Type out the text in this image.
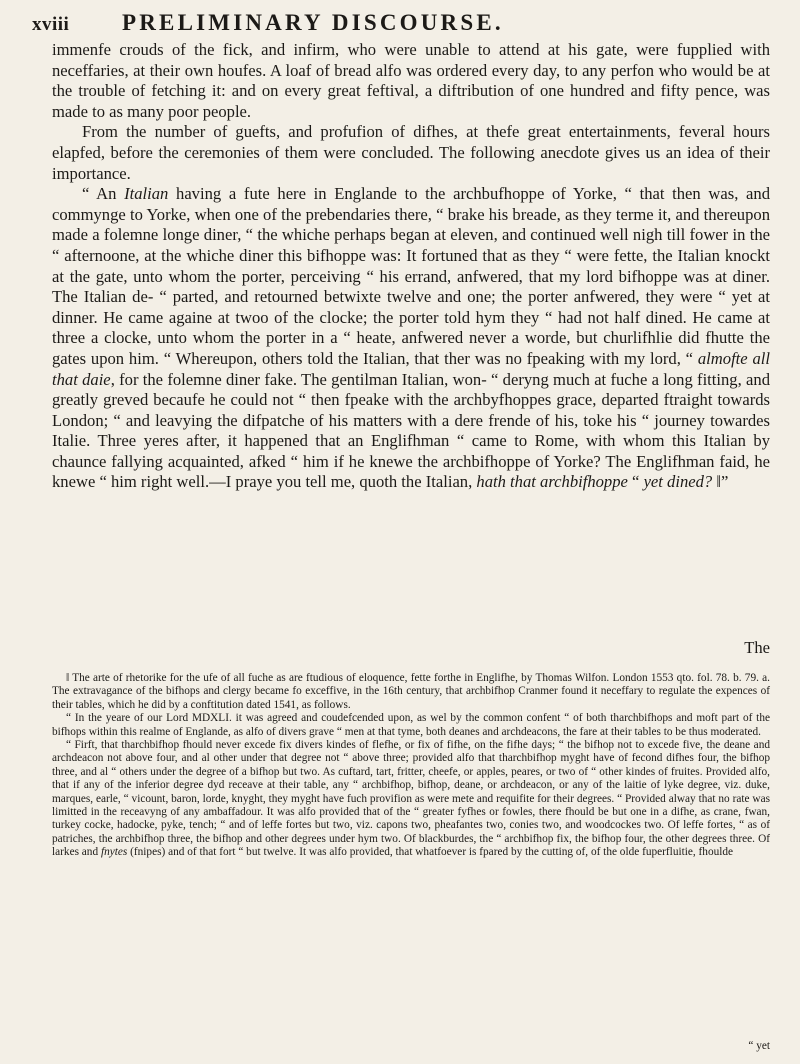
xviii PRELIMINARY DISCOURSE.

immenfe crouds of the fick, and infirm, who were unable to attend at his gate, were fupplied with neceffaries, at their own houfes. A loaf of bread alfo was ordered every day, to any perfon who would be at the trouble of fetching it: and on every great feftival, a diftribution of one hundred and fifty pence, was made to as many poor people.

From the number of guefts, and profufion of difhes, at thefe great entertainments, feveral hours elapfed, before the ceremonies of them were concluded. The following anecdote gives us an idea of their importance.

“ An Italian having a fute here in Englande to the archbufhoppe of Yorke, “ that then was, and commynge to Yorke, when one of the prebendaries there, “ brake his breade, as they terme it, and thereupon made a folemne longe diner, “ the whiche perhaps began at eleven, and continued well nigh till fower in the “ afternoone, at the whiche diner this bifhoppe was: It fortuned that as they “ were fette, the Italian knockt at the gate, unto whom the porter, perceiving “ his errand, anfwered, that my lord bifhoppe was at diner. The Italian de- “ parted, and retourned betwixte twelve and one; the porter anfwered, they were “ yet at dinner. He came againe at twoo of the clocke; the porter told hym they “ had not half dined. He came at three a clocke, unto whom the porter in a “ heate, anfwered never a worde, but churlifhlie did fhutte the gates upon him. “ Whereupon, others told the Italian, that ther was no fpeaking with my lord, “ almofte all that daie, for the folemne diner fake. The gentilman Italian, won- “ deryng much at fuche a long fitting, and greatly greved becaufe he could not “ then fpeake with the archbyfhoppes grace, departed ftraight towards London; “ and leavying the difpatche of his matters with a dere frende of his, toke his “ journey towardes Italie. Three yeres after, it happened that an Englifhman “ came to Rome, with whom this Italian by chaunce fallying acquainted, afked “ him if he knewe the archbifhoppe of Yorke? The Englifhman faid, he knewe “ him right well.—I praye you tell me, quoth the Italian, hath that archbifhoppe “ yet dined? ‖”

The

‖ The arte of rhetorike for the ufe of all fuche as are ftudious of eloquence, fette forthe in Englifhe, by Thomas Wilfon. London 1553 qto. fol. 78. b. 79. a. The extravagance of the bifhops and clergy became fo exceffive, in the 16th century, that archbifhop Cranmer found it neceffary to regulate the expences of their tables, which he did by a conftitution dated 1541, as follows.

“ In the yeare of our Lord MDXLI. it was agreed and coudefcended upon, as wel by the common confent “ of both tharchbifhops and moft part of the bifhops within this realme of Englande, as alfo of divers grave “ men at that tyme, both deanes and archdeacons, the fare at their tables to be thus moderated.

“ Firft, that tharchbifhop fhould never excede fix divers kindes of flefhe, or fix of fifhe, on the fifhe days; “ the bifhop not to excede five, the deane and archdeacon not above four, and al other under that degree not “ above three; provided alfo that tharchbifhop myght have of fecond difhes four, the bifhop three, and al “ others under the degree of a bifhop but two. As cuftard, tart, fritter, cheefe, or apples, peares, or two of “ other kindes of fruites. Provided alfo, that if any of the inferior degree dyd receave at their table, any “ archbifhop, bifhop, deane, or archdeacon, or any of the laitie of lyke degree, viz. duke, marques, earle, “ vicount, baron, lorde, knyght, they myght have fuch provifion as were mete and requifite for their degrees. “ Provided alway that no rate was limitted in the receavyng of any ambaffadour. It was alfo provided that of the “ greater fyfhes or fowles, there fhould be but one in a difhe, as crane, fwan, turkey cocke, hadocke, pyke, tench; “ and of leffe fortes but two, viz. capons two, pheafantes two, conies two, and woodcockes two. Of leffe fortes, “ as of patriches, the archbifhop three, the bifhop and other degrees under hym two. Of blackburdes, the “ archbifhop fix, the bifhop four, the other degrees three. Of larkes and fnytes (fnipes) and of that fort “ but twelve. It was alfo provided, that whatfoever is fpared by the cutting of, of the olde fuperfluitie, fhoulde

“ yet
